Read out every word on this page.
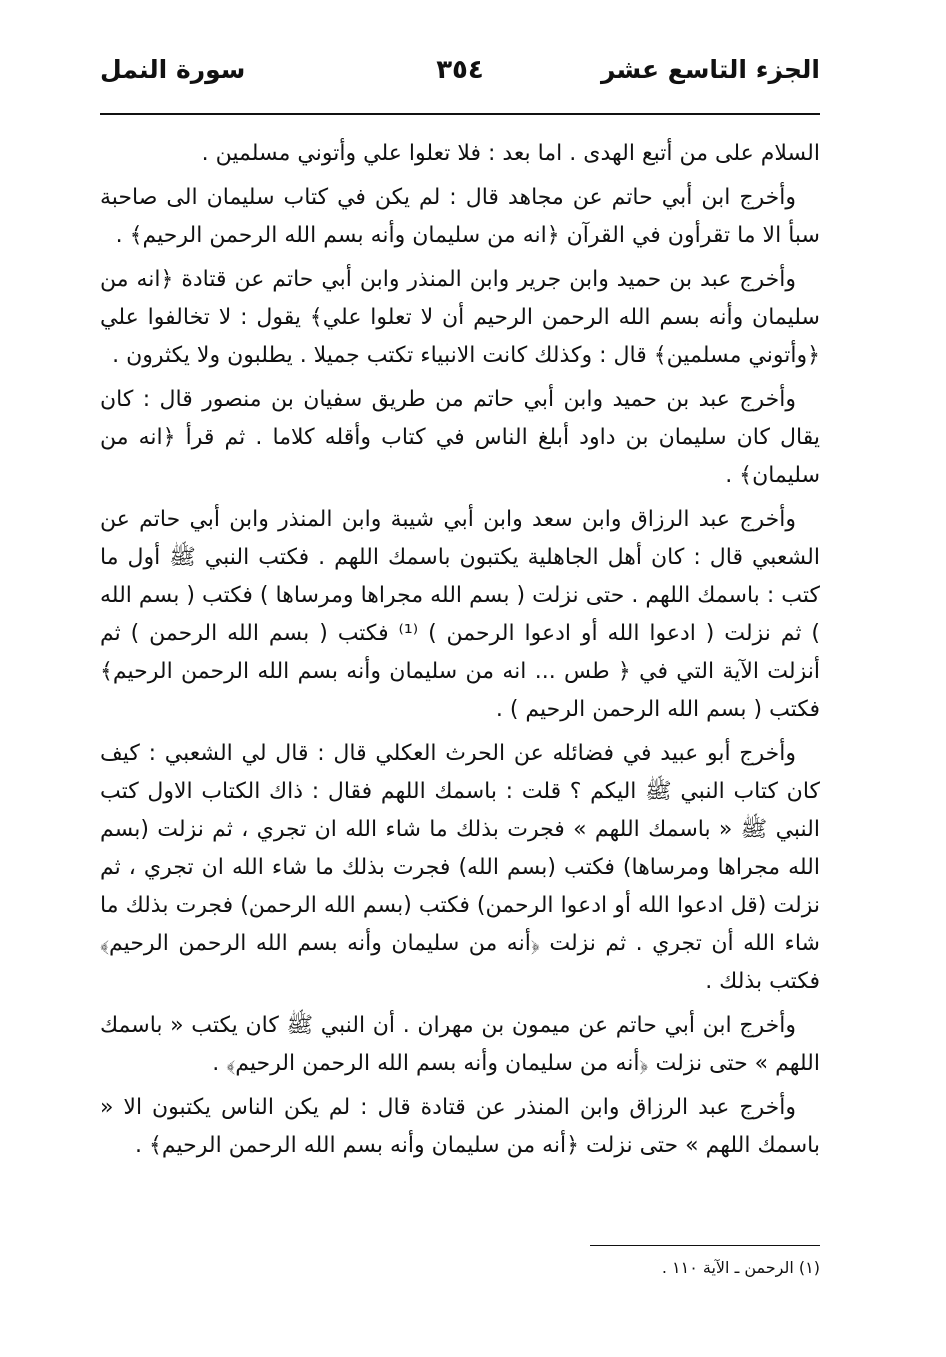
الجزء التاسع عشر
٣٥٤
سورة النمل

السلام على من أتبع الهدى . اما بعد : فلا تعلوا علي وأتوني مسلمين .

وأخرج ابن أبي حاتم عن مجاهد قال : لم يكن في كتاب سليمان الى صاحبة سبأ الا ما تقرأون في القرآن ﴿انه من سليمان وأنه بسم الله الرحمن الرحيم﴾ .

وأخرج عبد بن حميد وابن جرير وابن المنذر وابن أبي حاتم عن قتادة ﴿انه من سليمان وأنه بسم الله الرحمن الرحيم أن لا تعلوا علي﴾ يقول : لا تخالفوا علي ﴿وأتوني مسلمين﴾ قال : وكذلك كانت الانبياء تكتب جميلا . يطلبون ولا يكثرون .

وأخرج عبد بن حميد وابن أبي حاتم من طريق سفيان بن منصور قال : كان يقال كان سليمان بن داود أبلغ الناس في كتاب وأقله كلاما . ثم قرأ ﴿انه من سليمان﴾ .

وأخرج عبد الرزاق وابن سعد وابن أبي شيبة وابن المنذر وابن أبي حاتم عن الشعبي قال : كان أهل الجاهلية يكتبون باسمك اللهم . فكتب النبي ﷺ أول ما كتب : باسمك اللهم . حتى نزلت ( بسم الله مجراها ومرساها ) فكتب ( بسم الله ) ثم نزلت ( ادعوا الله أو ادعوا الرحمن ) ⁽¹⁾ فكتب ( بسم الله الرحمن ) ثم أنزلت الآية التي في ﴿ طس ... انه من سليمان وأنه بسم الله الرحمن الرحيم﴾ فكتب ( بسم الله الرحمن الرحيم ) .

وأخرج أبو عبيد في فضائله عن الحرث العكلي قال : قال لي الشعبي : كيف كان كتاب النبي ﷺ اليكم ؟ قلت : باسمك اللهم فقال : ذاك الكتاب الاول كتب النبي ﷺ « باسمك اللهم » فجرت بذلك ما شاء الله ان تجري ، ثم نزلت (بسم الله مجراها ومرساها) فكتب (بسم الله) فجرت بذلك ما شاء الله ان تجري ، ثم نزلت (قل ادعوا الله أو ادعوا الرحمن) فكتب (بسم الله الرحمن) فجرت بذلك ما شاء الله أن تجري . ثم نزلت ﴿أنه من سليمان وأنه بسم الله الرحمن الرحيم﴾ فكتب بذلك .

وأخرج ابن أبي حاتم عن ميمون بن مهران . أن النبي ﷺ كان يكتب « باسمك اللهم » حتى نزلت ﴿أنه من سليمان وأنه بسم الله الرحمن الرحيم﴾ .

وأخرج عبد الرزاق وابن المنذر عن قتادة قال : لم يكن الناس يكتبون الا « باسمك اللهم » حتى نزلت ﴿أنه من سليمان وأنه بسم الله الرحمن الرحيم﴾ .

(١) الرحمن ـ الآية ١١٠ .
